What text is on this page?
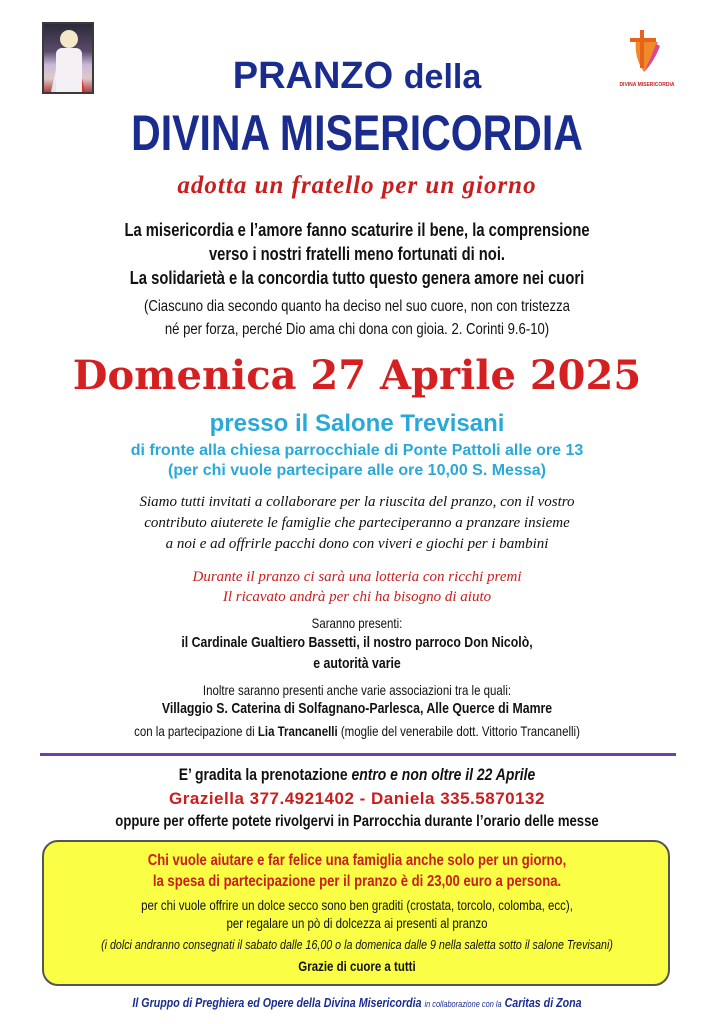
DIVINA MISERICORDIA
PRANZO della
DIVINA MISERICORDIA
adotta un fratello per un giorno
La misericordia e l’amore fanno scaturire il bene, la comprensione
verso i nostri fratelli meno fortunati di noi.
La solidarietà e la concordia tutto questo genera amore nei cuori
(Ciascuno dia secondo quanto ha deciso nel suo cuore, non con tristezza
né per forza, perché Dio ama chi dona con gioia. 2. Corinti 9.6-10)
Domenica 27 Aprile 2025
presso il Salone Trevisani
di fronte alla chiesa parrocchiale di Ponte Pattoli alle ore 13
(per chi vuole partecipare alle ore 10,00 S. Messa)
Siamo tutti invitati a collaborare per la riuscita del pranzo, con il vostro
contributo aiuterete le famiglie che parteciperanno a pranzare insieme
a noi e ad offrirle pacchi dono con viveri e giochi per i bambini
Durante il pranzo ci sarà una lotteria con ricchi premi
Il ricavato andrà per chi ha bisogno di aiuto
Saranno presenti:
il Cardinale Gualtiero Bassetti, il nostro parroco Don Nicolò,
e autorità varie
Inoltre saranno presenti anche varie associazioni tra le quali:
Villaggio S. Caterina di Solfagnano-Parlesca, Alle Querce di Mamre
con la partecipazione di Lia Trancanelli (moglie del venerabile dott. Vittorio Trancanelli)
E’ gradita la prenotazione entro e non oltre il 22 Aprile
Graziella 377.4921402 - Daniela 335.5870132
oppure per offerte potete rivolgervi in Parrocchia durante l’orario delle messe
Chi vuole aiutare e far felice una famiglia anche solo per un giorno,
la spesa di partecipazione per il pranzo è di 23,00 euro a persona.
per chi vuole offrire un dolce secco sono ben graditi (crostata, torcolo, colomba, ecc),
per regalare un pò di dolcezza ai presenti al pranzo
(i dolci andranno consegnati il sabato dalle 16,00 o la domenica dalle 9 nella saletta sotto il salone Trevisani)
Grazie di cuore a tutti
Il Gruppo di Preghiera ed Opere della Divina Misericordia in collaborazione con la Caritas di Zona
